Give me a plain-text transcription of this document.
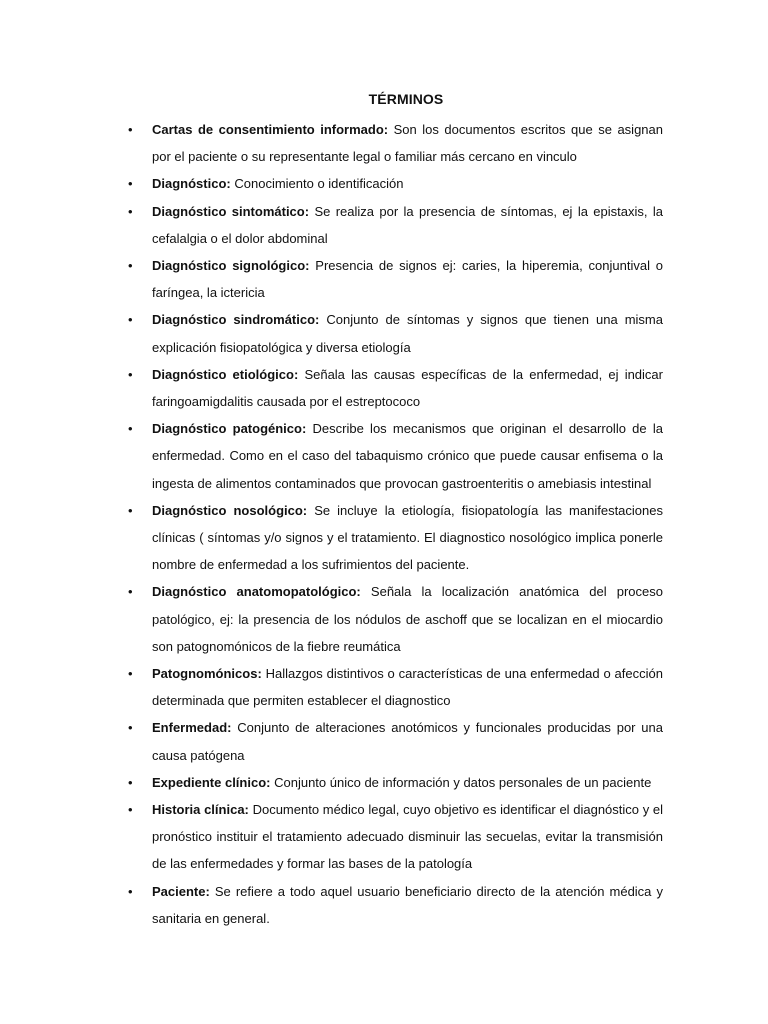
TÉRMINOS
•	Cartas de consentimiento informado: Son los documentos escritos que se asignan por el paciente o su representante legal o familiar más cercano en vinculo
•	Diagnóstico: Conocimiento o identificación
•	Diagnóstico sintomático: Se realiza por la presencia de síntomas, ej la epistaxis, la cefalalgia o el dolor abdominal
•	Diagnóstico signológico: Presencia de signos ej: caries, la hiperemia, conjuntival o faríngea, la ictericia
•	Diagnóstico sindromático: Conjunto de síntomas y signos que tienen una misma explicación fisiopatológica y diversa etiología
•	Diagnóstico etiológico: Señala las causas específicas de la enfermedad, ej indicar faringoamigdalitis causada por el estreptococo
•	Diagnóstico patogénico: Describe los mecanismos que originan el desarrollo de la enfermedad. Como en el caso del tabaquismo crónico que puede causar enfisema o la ingesta de alimentos contaminados que provocan gastroenteritis o amebiasis intestinal
•	Diagnóstico nosológico: Se incluye la etiología, fisiopatología las manifestaciones clínicas ( síntomas y/o signos y el tratamiento. El diagnostico nosológico implica ponerle nombre de enfermedad a los sufrimientos del paciente.
•	Diagnóstico anatomopatológico: Señala la localización anatómica del proceso patológico, ej: la presencia de los nódulos de aschoff que se localizan en el miocardio son patognomónicos de la fiebre reumática
•	Patognomónicos: Hallazgos distintivos o características de una enfermedad o afección determinada que permiten establecer el diagnostico
•	Enfermedad: Conjunto de alteraciones anotómicos y funcionales producidas por una causa patógena
•	Expediente clínico: Conjunto único de información y datos personales de un paciente
•	Historia clínica: Documento médico legal, cuyo objetivo es identificar el diagnóstico y el pronóstico instituir el tratamiento adecuado disminuir las secuelas, evitar la transmisión de las enfermedades y formar las bases de la patología
•	Paciente: Se refiere a todo aquel usuario beneficiario directo de la atención médica y sanitaria en general.
